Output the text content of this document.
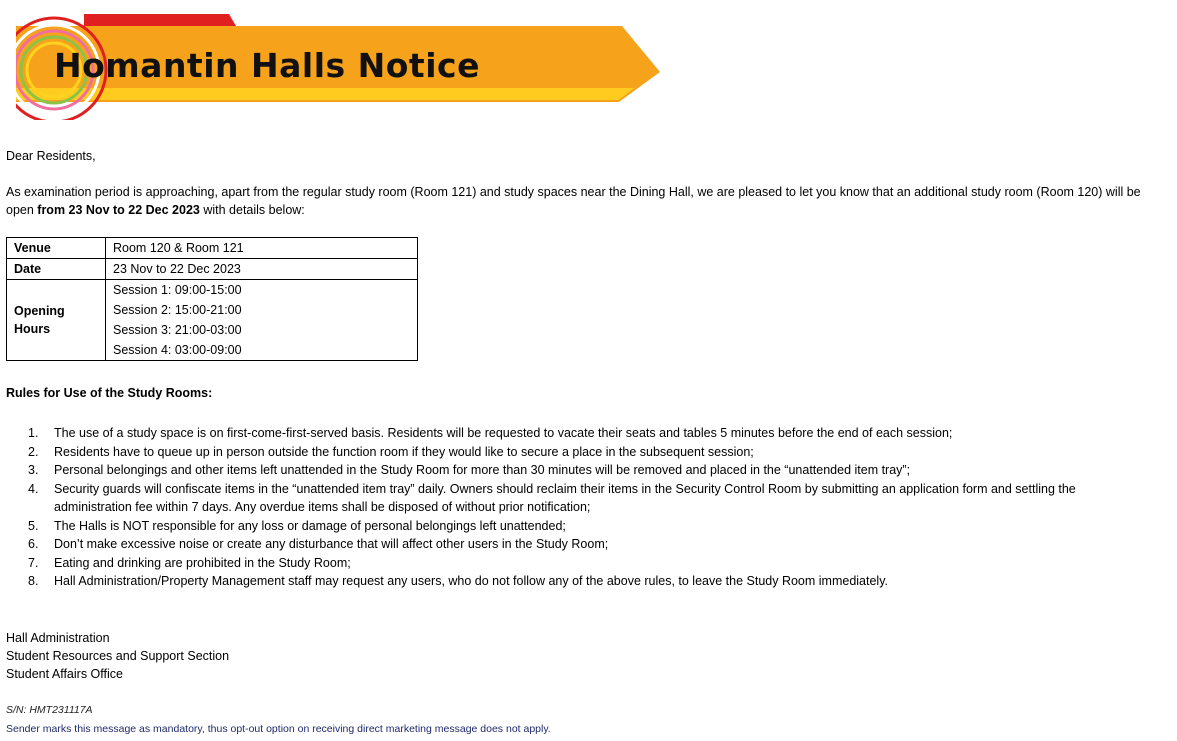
Homantin Halls Notice
Dear Residents,
As examination period is approaching, apart from the regular study room (Room 121) and study spaces near the Dining Hall, we are pleased to let you know that an additional study room (Room 120) will be open from 23 Nov to 22 Dec 2023 with details below:
Venue	Room 120 & Room 121
Date	23 Nov to 22 Dec 2023

Opening
Hours	Session 1: 09:00-15:00
	Session 2: 15:00-21:00
	Session 3: 21:00-03:00
	Session 4: 03:00-09:00
Rules for Use of the Study Rooms:
1. The use of a study space is on first-come-first-served basis. Residents will be requested to vacate their seats and tables 5 minutes before the end of each session;
2. Residents have to queue up in person outside the function room if they would like to secure a place in the subsequent session;
3. Personal belongings and other items left unattended in the Study Room for more than 30 minutes will be removed and placed in the “unattended item tray”;
4. Security guards will confiscate items in the “unattended item tray” daily. Owners should reclaim their items in the Security Control Room by submitting an application form and settling the administration fee within 7 days. Any overdue items shall be disposed of without prior notification;
5. The Halls is NOT responsible for any loss or damage of personal belongings left unattended;
6. Don’t make excessive noise or create any disturbance that will affect other users in the Study Room;
7. Eating and drinking are prohibited in the Study Room;
8. Hall Administration/Property Management staff may request any users, who do not follow any of the above rules, to leave the Study Room immediately.
Hall Administration
Student Resources and Support Section
Student Affairs Office
S/N: HMT231117A
Sender marks this message as mandatory, thus opt-out option on receiving direct marketing message does not apply.
